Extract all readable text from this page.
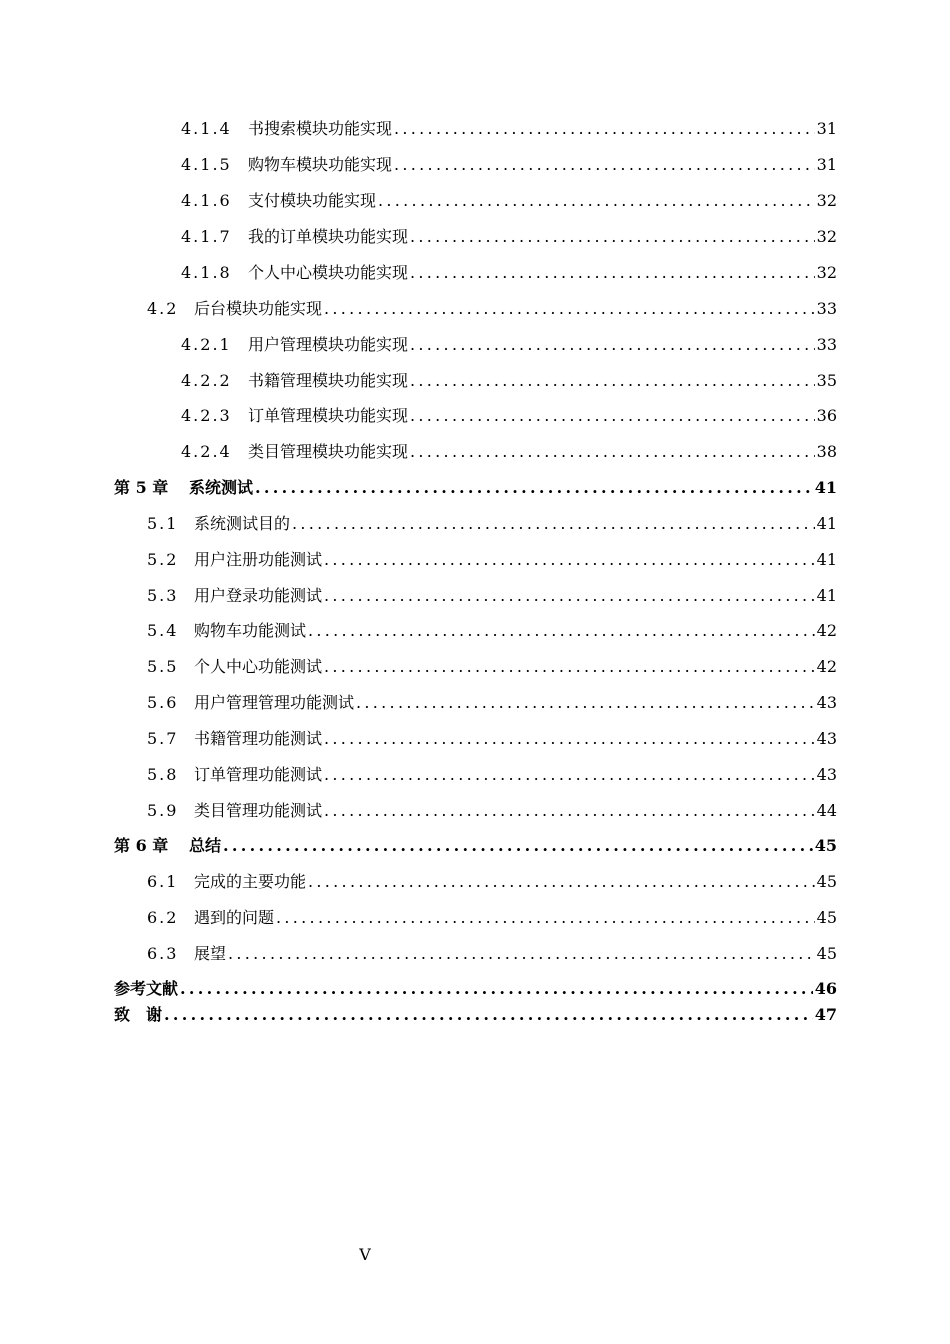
4.1.4	书搜索模块功能实现 .....	31
4.1.5	购物车模块功能实现 .....	31
4.1.6	支付模块功能实现 .....	32
4.1.7	我的订单模块功能实现 .....	32
4.1.8	个人中心模块功能实现 .....	32
4.2 后台模块功能实现 .....	33
4.2.1	用户管理模块功能实现 .....	33
4.2.2	书籍管理模块功能实现 .....	35
4.2.3	订单管理模块功能实现 .....	36
4.2.4	类目管理模块功能实现 .....	38
第 5 章	系统测试 .....	41
5.1 系统测试目的 .....	41
5.2 用户注册功能测试 .....	41
5.3 用户登录功能测试 .....	41
5.4 购物车功能测试 .....	42
5.5 个人中心功能测试 .....	42
5.6 用户管理管理功能测试 .....	43
5.7 书籍管理功能测试 .....	43
5.8 订单管理功能测试 .....	43
5.9 类目管理功能测试 .....	44
第 6 章	总结 .....	45
6.1 完成的主要功能 .....	45
6.2 遇到的问题 .....	45
6.3 展望 .....	45
参考文献 .....	46
致　谢 .....	47
V
